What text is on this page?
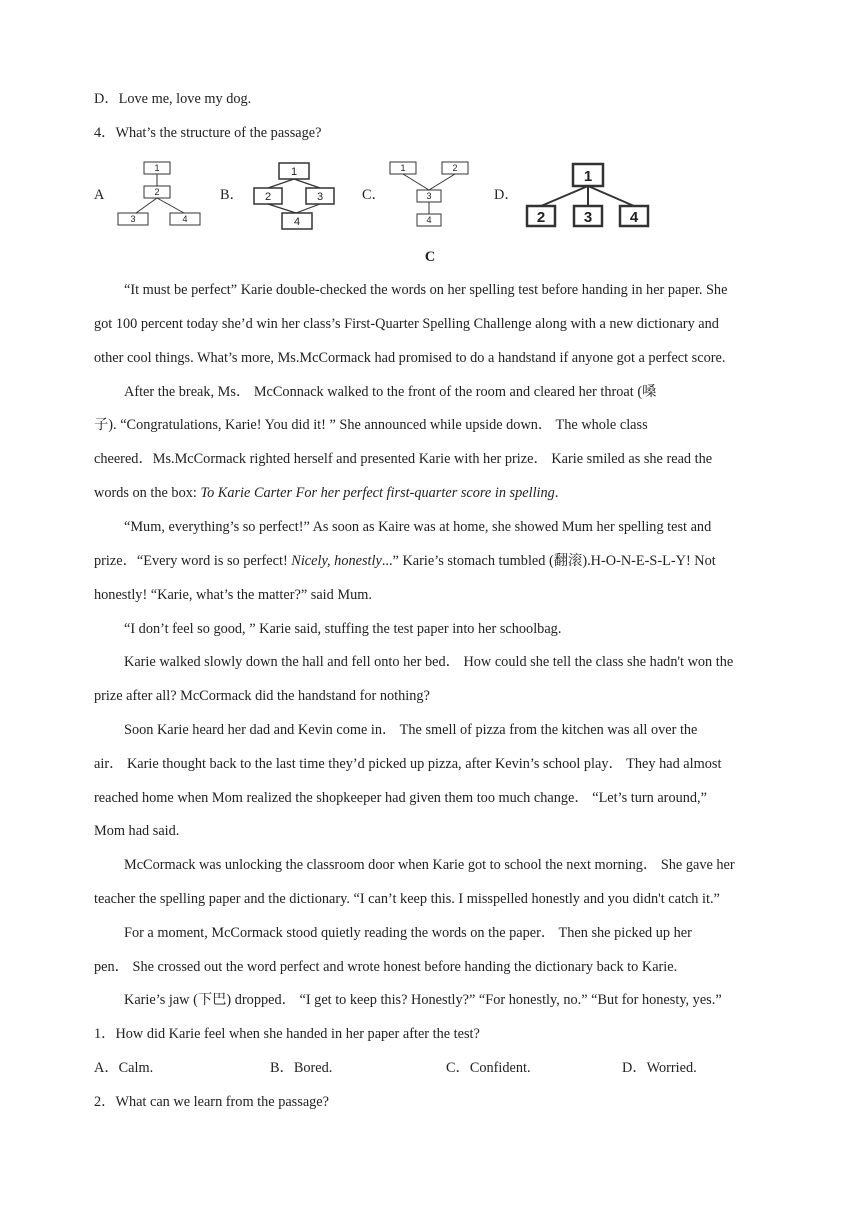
D．Love me, love my dog.
4．What’s the structure of the passage?
A
1
2
3	4
B．
1
2	3
4
C．
1	2
3
4
D．
1
2	3	4
C
“It must be perfect” Karie double-checked the words on her spelling test before handing in her paper. She
got 100 percent today she’d win her class’s First-Quarter Spelling Challenge along with a new dictionary and
other cool things. What’s more, Ms.McCormack had promised to do a handstand if anyone got a perfect score.
After the break, Ms． McConnack walked to the front of the room and cleared her throat (嗓
子). “Congratulations, Karie! You did it! ” She announced while upside down． The whole class
cheered．Ms.McCormack righted herself and presented Karie with her prize． Karie smiled as she read the
words on the box: To Karie Carter For her perfect first-quarter score in spelling.
“Mum, everything’s so perfect!” As soon as Kaire was at home, she showed Mum her spelling test and
prize．“Every word is so perfect! Nicely, honestly...” Karie’s stomach tumbled (翻滚).H-O-N-E-S-L-Y! Not
honestly! “Karie, what’s the matter?” said Mum.
“I don’t feel so good, ” Karie said, stuffing the test paper into her schoolbag.
Karie walked slowly down the hall and fell onto her bed． How could she tell the class she hadn't won the
prize after all? McCormack did the handstand for nothing?
Soon Karie heard her dad and Kevin come in． The smell of pizza from the kitchen was all over the
air． Karie thought back to the last time they’d picked up pizza, after Kevin’s school play． They had almost
reached home when Mom realized the shopkeeper had given them too much change． “Let’s turn around,”
Mom had said.
McCormack was unlocking the classroom door when Karie got to school the next morning． She gave her
teacher the spelling paper and the dictionary. “I can’t keep this. I misspelled honestly and you didn't catch it.”
For a moment, McCormack stood quietly reading the words on the paper． Then she picked up her
pen． She crossed out the word perfect and wrote honest before handing the dictionary back to Karie.
Karie’s jaw (下巴) dropped． “I get to keep this? Honestly?” “For honestly, no.” “But for honesty, yes.”
1．How did Karie feel when she handed in her paper after the test?
A．Calm.	B．Bored.	C．Confident.	D．Worried.
2．What can we learn from the passage?
